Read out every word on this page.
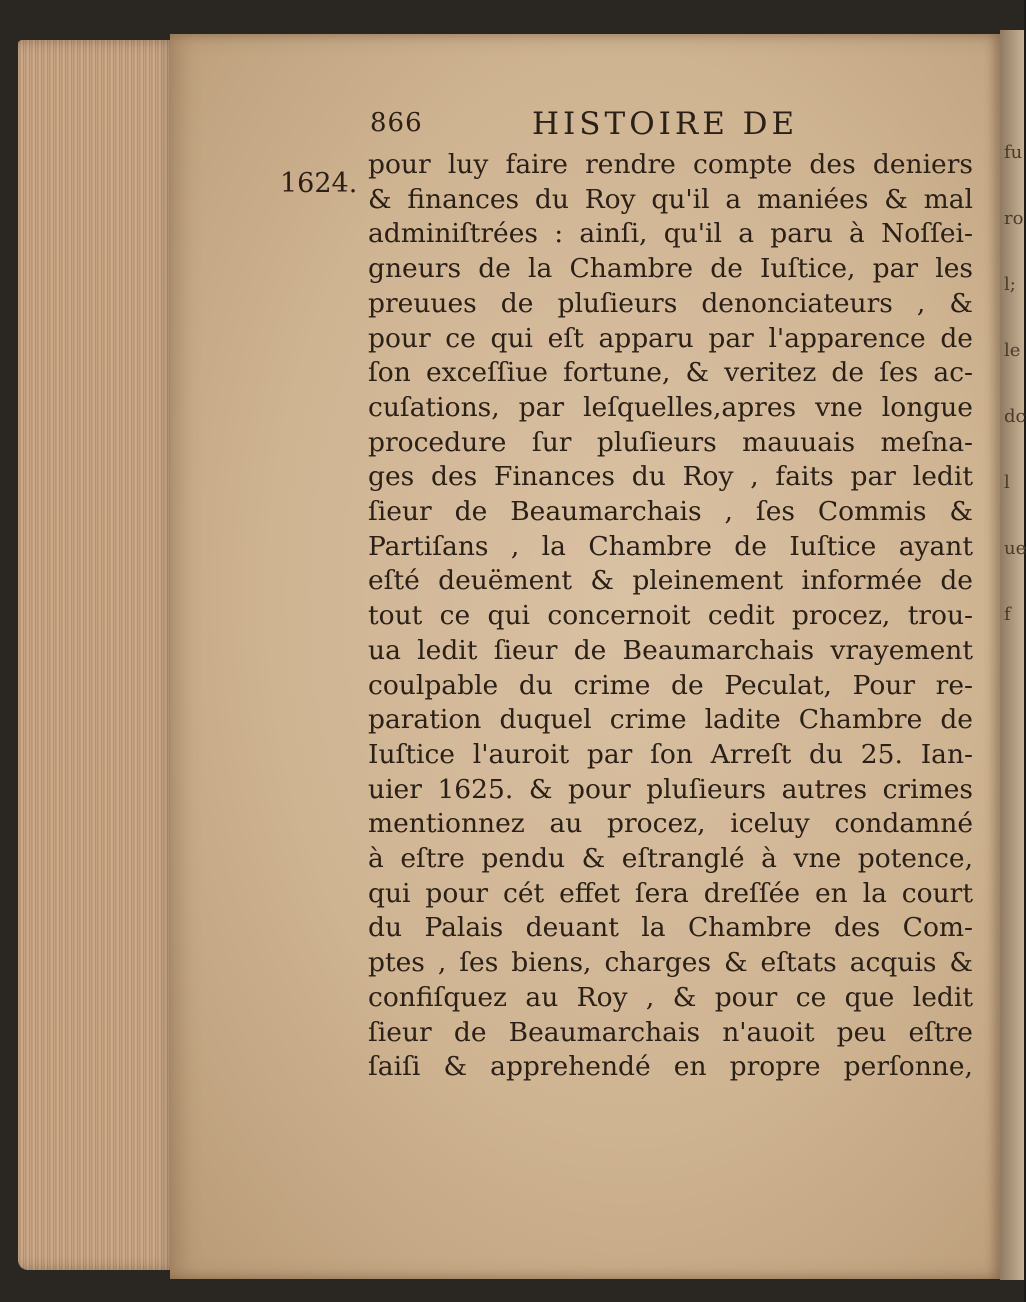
fu
ro
l;
le
dc
l
ue
f

866	HISTOIRE DE
1624.
pour luy faire rendre compte des deniers
& finances du Roy qu'il a maniées & mal
adminiſtrées : ainſi, qu'il a paru à Noſſei-
gneurs de la Chambre de Iuſtice, par les
preuues de pluſieurs denonciateurs , &
pour ce qui eſt apparu par l'apparence de
ſon exceſſiue fortune, & veritez de ſes ac-
cuſations, par leſquelles,apres vne longue
procedure ſur pluſieurs mauuais meſna-
ges des Finances du Roy , faits par ledit
ſieur de Beaumarchais , ſes Commis &
Partiſans , la Chambre de Iuſtice ayant
eſté deuëment & pleinement informée de
tout ce qui concernoit cedit procez, trou-
ua ledit ſieur de Beaumarchais vrayement
coulpable du crime de Peculat, Pour re-
paration duquel crime ladite Chambre de
Iuſtice l'auroit par ſon Arreſt du 25. Ian-
uier 1625. & pour pluſieurs autres crimes
mentionnez au procez, iceluy condamné
à eſtre pendu & eſtranglé à vne potence,
qui pour cét effet ſera dreſſée en la court
du Palais deuant la Chambre des Com-
ptes , ſes biens, charges & eſtats acquis &
confiſquez au Roy , & pour ce que ledit
ſieur de Beaumarchais n'auoit peu eſtre
ſaiſi & apprehendé en propre perſonne,
